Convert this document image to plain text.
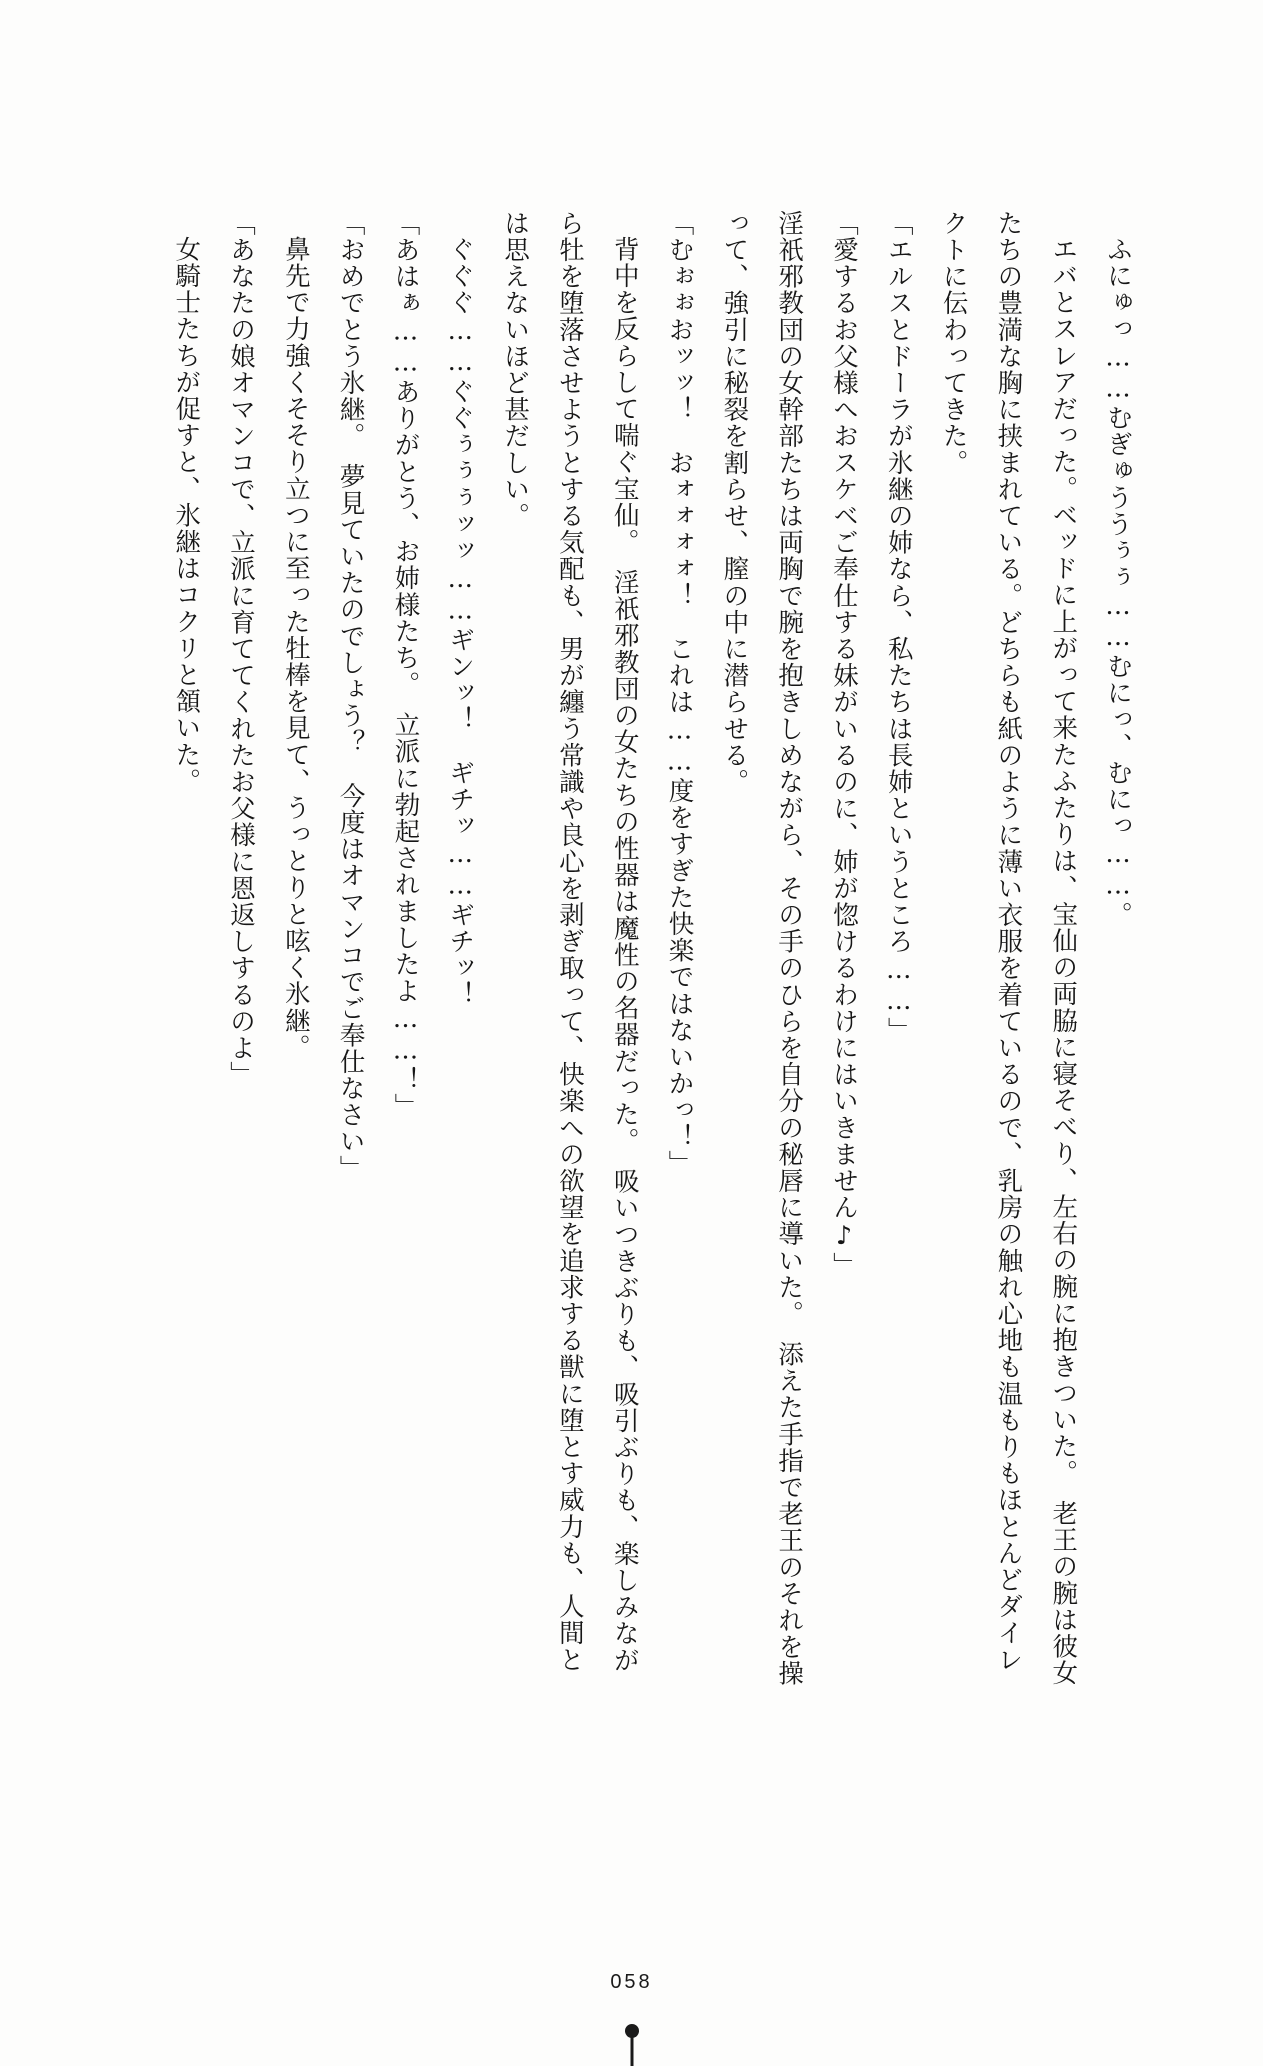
ふにゅっ……むぎゅううぅぅ……むにっ、むにっ……。

エバとスレアだった。ベッドに上がって来たふたりは、宝仙の両脇に寝そべり、左右の腕に抱きついた。　老王の腕は彼女たちの豊満な胸に挟まれている。どちらも紙のように薄い衣服を着ているので、乳房の触れ心地も温もりもほとんどダイレクトに伝わってきた。

「エルスとドーラが氷継の姉なら、私たちは長姉というところ……」

「愛するお父様へおスケベご奉仕する妹がいるのに、姉が惚けるわけにはいきません♪」

淫祇邪教団の女幹部たちは両胸で腕を抱きしめながら、その手のひらを自分の秘唇に導いた。　添えた手指で老王のそれを操って、強引に秘裂を割らせ、膣の中に潜らせる。

「むぉぉおッッ！　おォォォォ！　これは……度をすぎた快楽ではないかっ！」

背中を反らして喘ぐ宝仙。　淫祇邪教団の女たちの性器は魔性の名器だった。　吸いつきぶりも、吸引ぶりも、楽しみながら牡を堕落させようとする気配も、男が纏う常識や良心を剥ぎ取って、快楽への欲望を追求する獣に堕とす威力も、人間とは思えないほど甚だしい。

ぐぐぐ……ぐぐぅぅぅッッ……ギンッ！　ギチッ……ギチッ！

「あはぁ……ありがとう、お姉様たち。　立派に勃起されましたよ……！」

「おめでとう氷継。　夢見ていたのでしょう？　今度はオマンコでご奉仕なさい」

鼻先で力強くそそり立つに至った牡棒を見て、うっとりと呟く氷継。

「あなたの娘オマンコで、立派に育ててくれたお父様に恩返しするのよ」

女騎士たちが促すと、氷継はコクリと頷いた。

058
